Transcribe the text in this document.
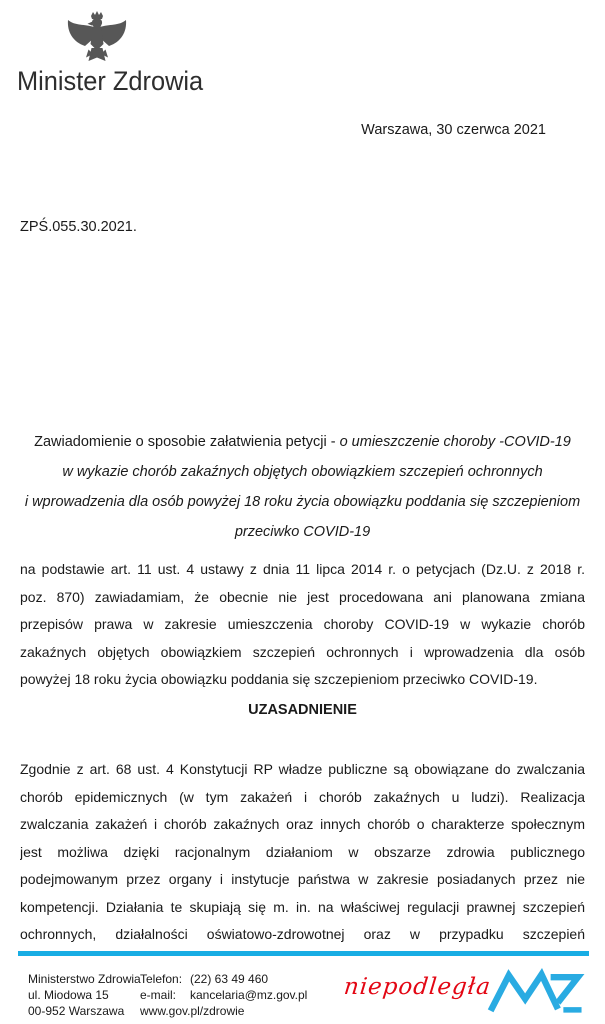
Minister Zdrowia
Warszawa, 30 czerwca 2021
ZPŚ.055.30.2021.
Zawiadomienie o sposobie załatwienia petycji - o umieszczenie choroby -COVID-19
w wykazie chorób zakaźnych objętych obowiązkiem szczepień ochronnych
i wprowadzenia dla osób powyżej 18 roku życia obowiązku poddania się szczepieniom
przeciwko COVID-19
na podstawie art. 11 ust. 4 ustawy z dnia 11 lipca 2014 r. o petycjach (Dz.U. z 2018 r.
poz. 870) zawiadamiam, że obecnie nie jest procedowana ani planowana zmiana
przepisów prawa w zakresie umieszczenia choroby COVID-19 w wykazie chorób
zakaźnych objętych obowiązkiem szczepień ochronnych i wprowadzenia dla osób
powyżej 18 roku życia obowiązku poddania się szczepieniom przeciwko COVID-19.
UZASADNIENIE
Zgodnie z art. 68 ust. 4 Konstytucji RP władze publiczne są obowiązane do zwalczania
chorób epidemicznych (w tym zakażeń i chorób zakaźnych u ludzi). Realizacja
zwalczania zakażeń i chorób zakaźnych oraz innych chorób o charakterze społecznym
jest możliwa dzięki racjonalnym działaniom w obszarze zdrowia publicznego
podejmowanym przez organy i instytucje państwa w zakresie posiadanych przez nie
kompetencji. Działania te skupiają się m. in. na właściwej regulacji prawnej szczepień
ochronnych, działalności oświatowo-zdrowotnej oraz w przypadku szczepień
Ministerstwo Zdrowia
ul. Miodowa 15
00-952 Warszawa
Telefon: (22) 63 49 460
e-mail:	kancelaria@mz.gov.pl
www.gov.pl/zdrowie
niepodległa
